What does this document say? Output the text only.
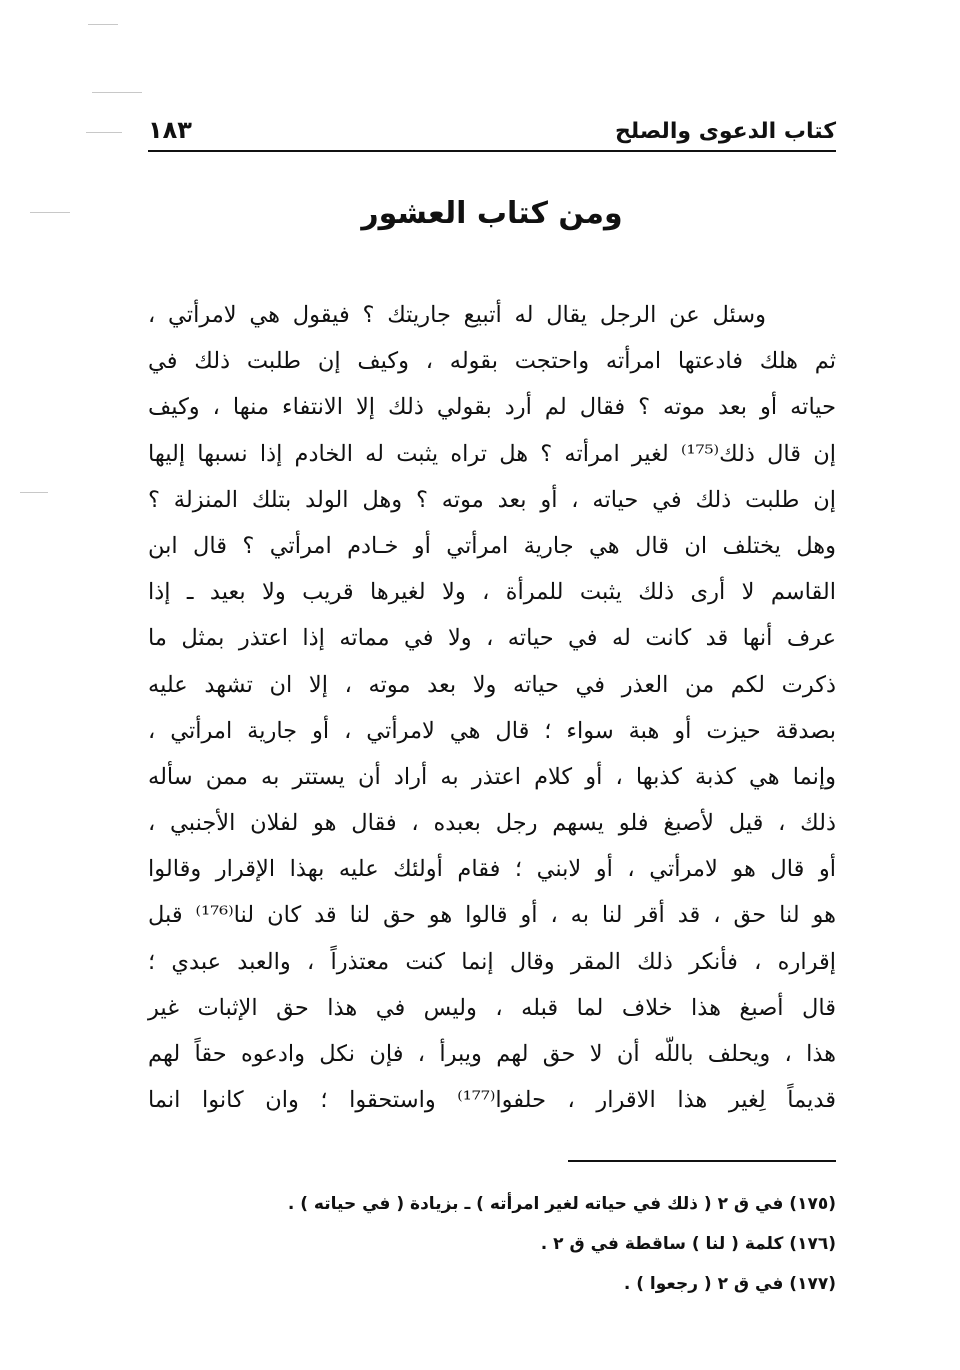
كتاب الدعوى والصلح
١٨٣
ومن كتاب العشور
وسئل عن الرجل يقال له أتبيع جاريتك ؟ فيقول هي لامرأتي ،
ثم هلك فادعتها امرأته واحتجت بقوله ، وكيف إن طلبت ذلك في
حياته أو بعد موته ؟ فقال لم أرد بقولي ذلك إلا الانتفاء منها ، وكيف
إن قال ذلك⁽¹⁷⁵⁾ لغير امرأته ؟ هل تراه يثبت له الخادم إذا نسبها إليها
إن طلبت ذلك في حياته ، أو بعد موته ؟ وهل الولد بتلك المنزلة ؟
وهل يختلف ان قال هي جارية امرأتي أو خـادم امرأتي ؟ قال ابن
القاسم لا أرى ذلك يثبت للمرأة ، ولا لغيرها قريب ولا بعيد ـ إذا
عرف أنها قد كانت له في حياته ، ولا في مماته إذا اعتذر بمثل ما
ذكرت لكم من العذر في حياته ولا بعد موته ، إلا ان تشهد عليه
بصدقة حيزت أو هبة سواء ؛ قال هي لامرأتي ، أو جارية امرأتي ،
وإنما هي كذبة كذبها ، أو كلام اعتذر به أراد أن يستتر به ممن سأله
ذلك ، قيل لأصبغ فلو يسهم رجل بعبده ، فقال هو لفلان الأجنبي ،
أو قال هو لامرأتي ، أو لابني ؛ فقام أولئك عليه بهذا الإقرار وقالوا
هو لنا حق ، قد أقر لنا به ، أو قالوا هو حق لنا قد كان لنا⁽¹⁷⁶⁾ قبل
إقراره ، فأنكر ذلك المقر وقال إنما كنت معتذراً ، والعبد عبدي ؛
قال أصبغ هذا خلاف لما قبله ، وليس في هذا حق الإثبات غير
هذا ، ويحلف باللّه أن لا حق لهم ويبرأ ، فإن نكل وادعوه حقاً لهم
قديماً لِغير هذا الاقرار ، حلفوا⁽¹⁷⁷⁾ واستحقوا ؛ وان كانوا انما
(١٧٥) في ق ٢ ( ذلك في حياته لغير امرأته ) ـ بزيادة ( في حياته ) .
(١٧٦) كلمة ( لنا ) ساقطة في ق ٢ .
(١٧٧) في ق ٢ ( رجعوا ) .
